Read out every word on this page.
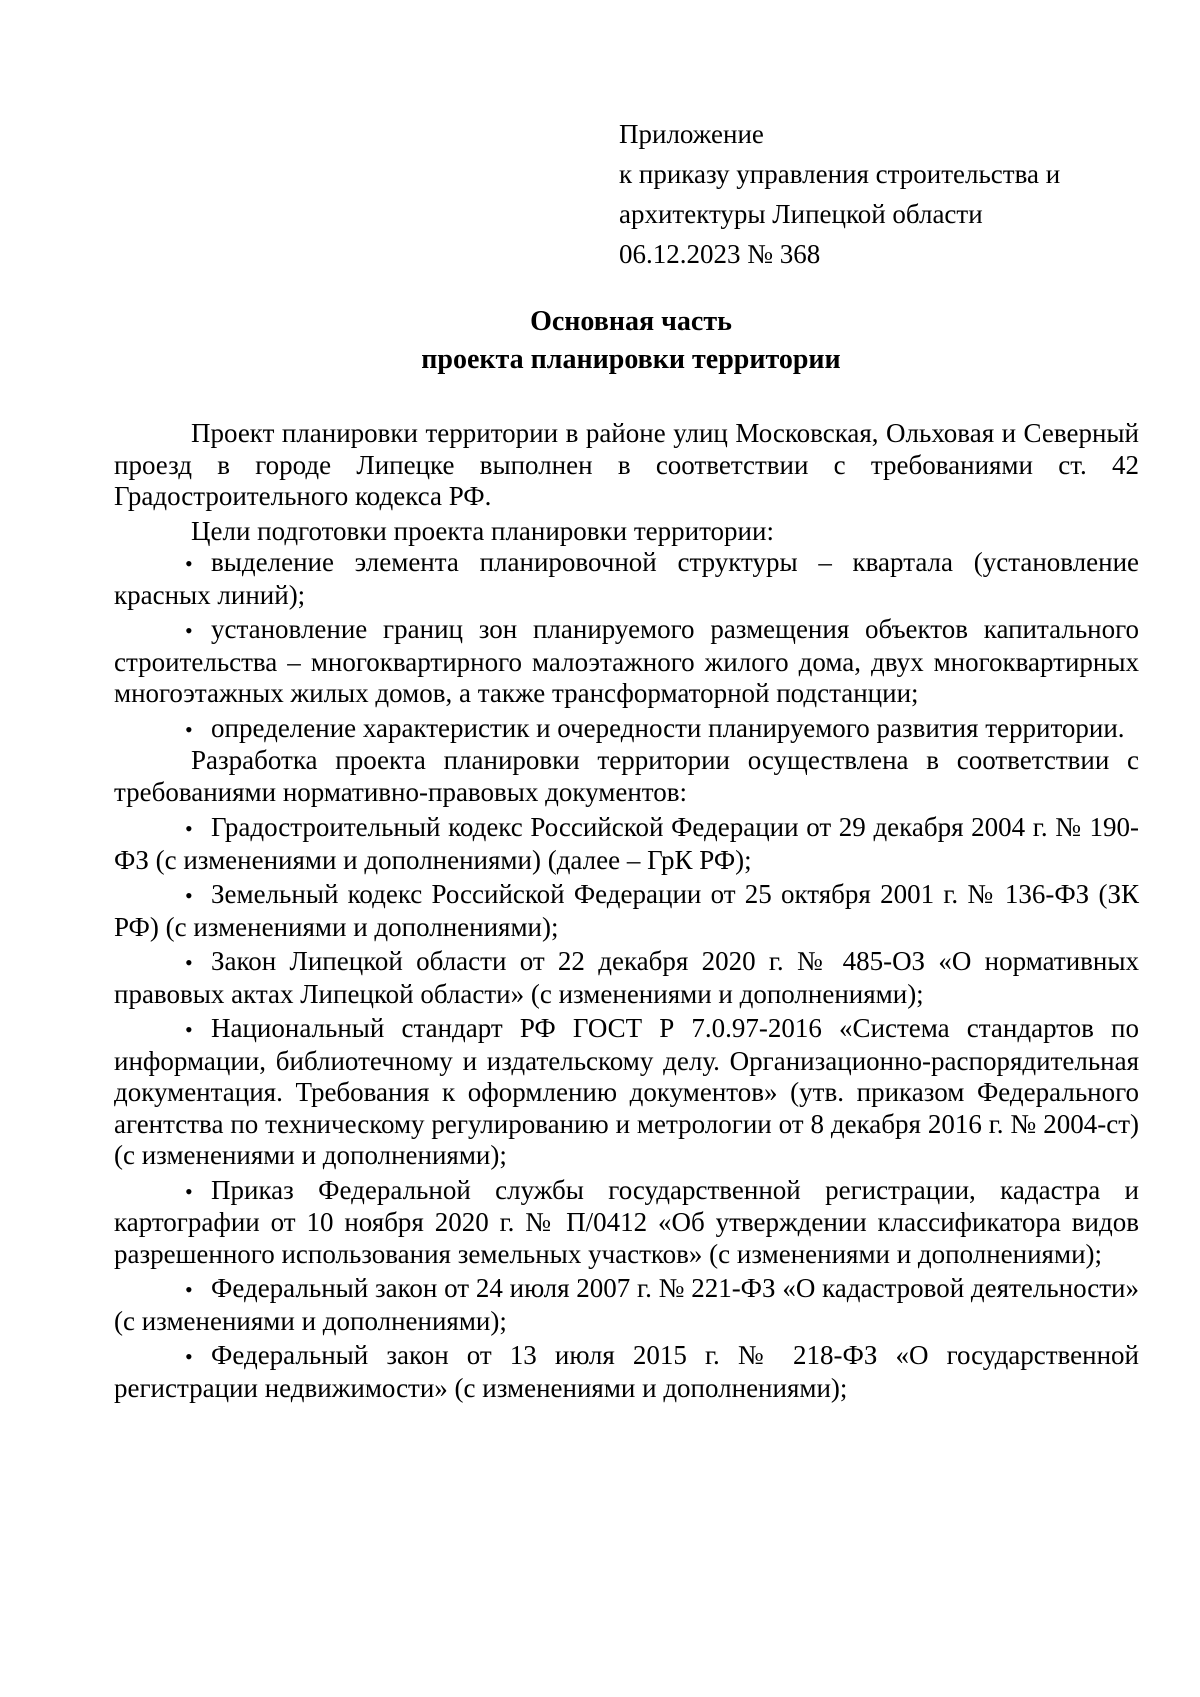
Приложение
к приказу управления строительства и
архитектуры Липецкой области
06.12.2023 № 368
Основная часть
проекта планировки территории

Проект планировки территории в районе улиц Московская, Ольховая и Северный проезд в городе Липецке выполнен в соответствии с требованиями ст. 42 Градостроительного кодекса РФ.

Цели подготовки проекта планировки территории:

• выделение элемента планировочной структуры – квартала (установление красных линий);
• установление границ зон планируемого размещения объектов капитального строительства – многоквартирного малоэтажного жилого дома, двух многоквартирных многоэтажных жилых домов, а также трансформаторной подстанции;
• определение характеристик и очередности планируемого развития территории.

Разработка проекта планировки территории осуществлена в соответствии с требованиями нормативно-правовых документов:

• Градостроительный кодекс Российской Федерации от 29 декабря 2004 г. № 190-ФЗ (с изменениями и дополнениями) (далее – ГрК РФ);
• Земельный кодекс Российской Федерации от 25 октября 2001 г. № 136-ФЗ (ЗК РФ) (с изменениями и дополнениями);
• Закон Липецкой области от 22 декабря 2020 г. № 485-ОЗ «О нормативных правовых актах Липецкой области» (с изменениями и дополнениями);
• Национальный стандарт РФ ГОСТ Р 7.0.97-2016 «Система стандартов по информации, библиотечному и издательскому делу. Организационно-распорядительная документация. Требования к оформлению документов» (утв. приказом Федерального агентства по техническому регулированию и метрологии от 8 декабря 2016 г. № 2004-ст) (с изменениями и дополнениями);
• Приказ Федеральной службы государственной регистрации, кадастра и картографии от 10 ноября 2020 г. № П/0412 «Об утверждении классификатора видов разрешенного использования земельных участков» (с изменениями и дополнениями);
• Федеральный закон от 24 июля 2007 г. № 221-ФЗ «О кадастровой деятельности» (с изменениями и дополнениями);
• Федеральный закон от 13 июля 2015 г. № 218-ФЗ «О государственной регистрации недвижимости» (с изменениями и дополнениями);
